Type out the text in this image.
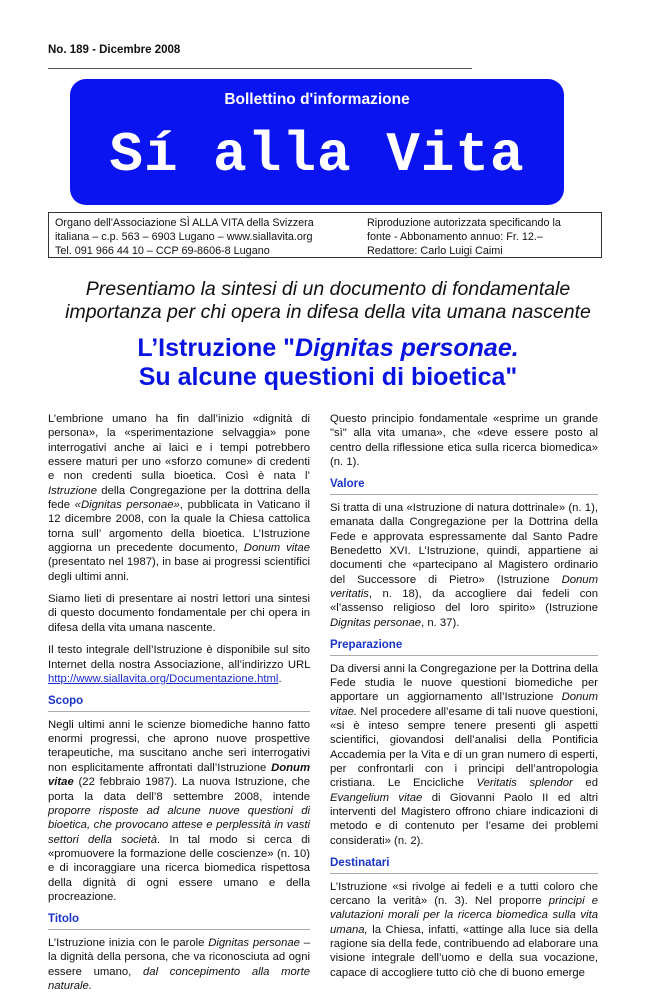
No. 189 - Dicembre 2008
Bollettino d'informazione
Sí alla Vita
Organo dell'Associazione SÌ ALLA VITA della Svizzera
italiana – c.p. 563 – 6903 Lugano – www.siallavita.org
Tel. 091 966 44 10 – CCP 69-8606-8 Lugano
Riproduzione autorizzata specificando la
fonte - Abbonamento annuo: Fr. 12.–
Redattore: Carlo Luigi Caimi
Presentiamo la sintesi di un documento di fondamentale
importanza per chi opera in difesa della vita umana nascente
L’Istruzione "Dignitas personae.
Su alcune questioni di bioetica"

L’embrione umano ha fin dall’inizio «dignità di persona», la «sperimentazione selvaggia» pone interrogativi anche ai laici e i tempi potrebbero essere maturi per uno «sforzo comune» di credenti e non credenti sulla bioetica. Così è nata l’ Istruzione della Congregazione per la dottrina della fede «Dignitas personae», pubblicata in Vaticano il 12 dicembre 2008, con la quale la Chiesa cattolica torna sull’ argomento della bioetica. L’Istruzione aggiorna un precedente documento, Donum vitae (presentato nel 1987), in base ai progressi scientifici degli ultimi anni.

Siamo lieti di presentare ai nostri lettori una sintesi di questo documento fondamentale per chi opera in difesa della vita umana nascente.

Il testo integrale dell’Istruzione è disponibile sul sito Internet della nostra Associazione, all’indirizzo URL http://www.siallavita.org/Documentazione.html.

Scopo

Negli ultimi anni le scienze biomediche hanno fatto enormi progressi, che aprono nuove prospettive terapeutiche, ma suscitano anche seri interrogativi non esplicitamente affrontati dall’Istruzione Donum vitae (22 febbraio 1987). La nuova Istruzione, che porta la data dell’8 settembre 2008, intende proporre risposte ad alcune nuove questioni di bioetica, che provocano attese e perplessità in vasti settori della società. In tal modo si cerca di «promuovere la formazione delle coscienze» (n. 10) e di incoraggiare una ricerca biomedica rispettosa della dignità di ogni essere umano e della procreazione.

Titolo

L’Istruzione inizia con le parole Dignitas personae – la dignità della persona, che va riconosciuta ad ogni essere umano, dal concepimento alla morte naturale.

Questo principio fondamentale «esprime un grande "sì" alla vita umana», che «deve essere posto al centro della riflessione etica sulla ricerca biomedica» (n. 1).

Valore

Si tratta di una «Istruzione di natura dottrinale» (n. 1), emanata dalla Congregazione per la Dottrina della Fede e approvata espressamente dal Santo Padre Benedetto XVI. L’Istruzione, quindi, appartiene ai documenti che «partecipano al Magistero ordinario del Successore di Pietro» (Istruzione Donum veritatis, n. 18), da accogliere dai fedeli con «l’assenso religioso del loro spirito» (Istruzione Dignitas personae, n. 37).

Preparazione

Da diversi anni la Congregazione per la Dottrina della Fede studia le nuove questioni biomediche per apportare un aggiornamento all’Istruzione Donum vitae. Nel procedere all’esame di tali nuove questioni, «si è inteso sempre tenere presenti gli aspetti scientifici, giovandosi dell’analisi della Pontificia Accademia per la Vita e di un gran numero di esperti, per confrontarli con i principi dell’antropologia cristiana. Le Encicliche Veritatis splendor ed Evangelium vitae di Giovanni Paolo II ed altri interventi del Magistero offrono chiare indicazioni di metodo e di contenuto per l’esame dei problemi considerati» (n. 2).

Destinatari

L’Istruzione «si rivolge ai fedeli e a tutti coloro che cercano la verità» (n. 3). Nel proporre principi e valutazioni morali per la ricerca biomedica sulla vita umana, la Chiesa, infatti, «attinge alla luce sia della ragione sia della fede, contribuendo ad elaborare una visione integrale dell’uomo e della sua vocazione, capace di accogliere tutto ciò che di buono emerge
